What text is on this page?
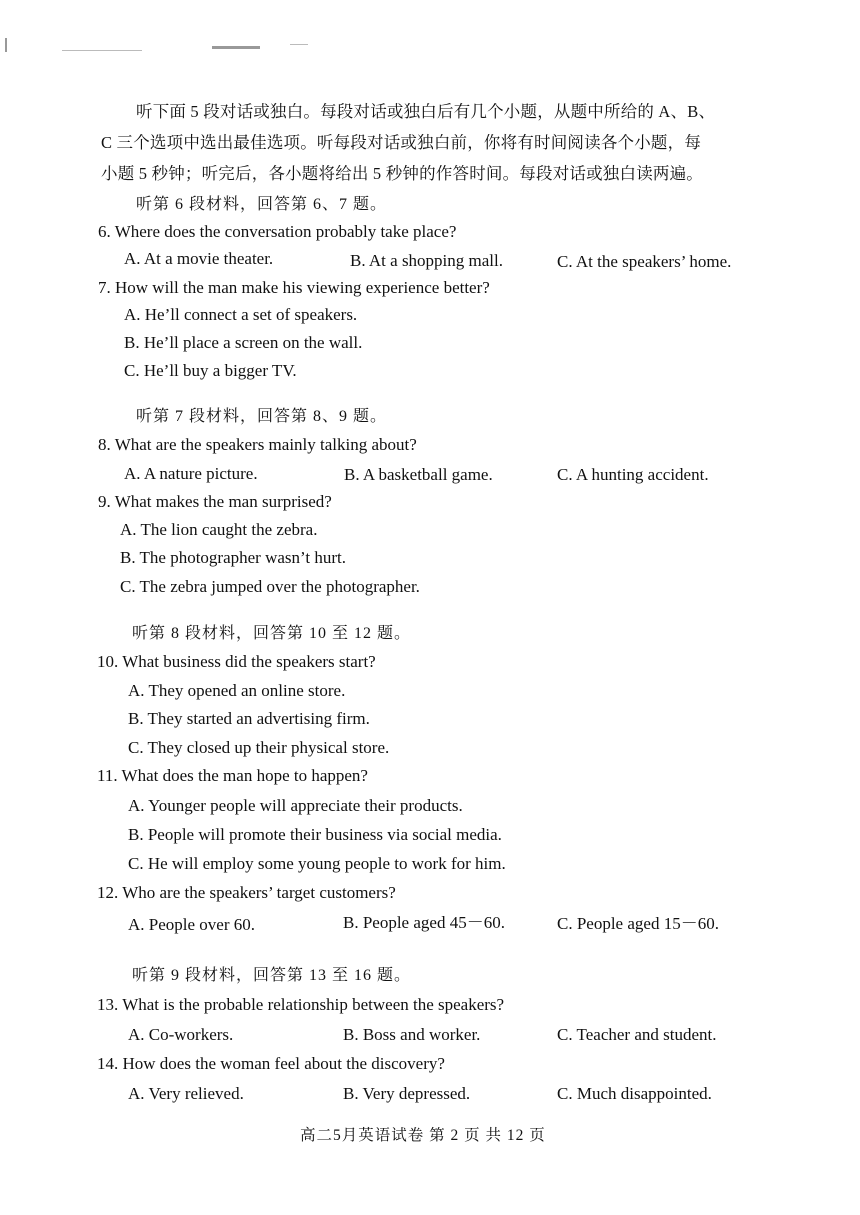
听下面 5 段对话或独白。每段对话或独白后有几个小题，从题中所给的 A、B、
C 三个选项中选出最佳选项。听每段对话或独白前，你将有时间阅读各个小题，每
小题 5 秒钟；听完后，各小题将给出 5 秒钟的作答时间。每段对话或独白读两遍。
听第 6 段材料，回答第 6、7 题。
6. Where does the conversation probably take place?
A. At a movie theater.	B. At a shopping mall.	C. At the speakers’ home.
7. How will the man make his viewing experience better?
A. He’ll connect a set of speakers.
B. He’ll place a screen on the wall.
C. He’ll buy a bigger TV.
听第 7 段材料，回答第 8、9 题。
8. What are the speakers mainly talking about?
A. A nature picture.	B. A basketball game.	C. A hunting accident.
9. What makes the man surprised?
A. The lion caught the zebra.
B. The photographer wasn’t hurt.
C. The zebra jumped over the photographer.
听第 8 段材料，回答第 10 至 12 题。
10. What business did the speakers start?
A. They opened an online store.
B. They started an advertising firm.
C. They closed up their physical store.
11. What does the man hope to happen?
A. Younger people will appreciate their products.
B. People will promote their business via social media.
C. He will employ some young people to work for him.
12. Who are the speakers’ target customers?
A. People over 60.	B. People aged 45－60.	C. People aged 15－60.
听第 9 段材料，回答第 13 至 16 题。
13. What is the probable relationship between the speakers?
A. Co-workers.	B. Boss and worker.	C. Teacher and student.
14. How does the woman feel about the discovery?
A. Very relieved.	B. Very depressed.	C. Much disappointed.
高二5月英语试卷 第 2 页 共 12 页
